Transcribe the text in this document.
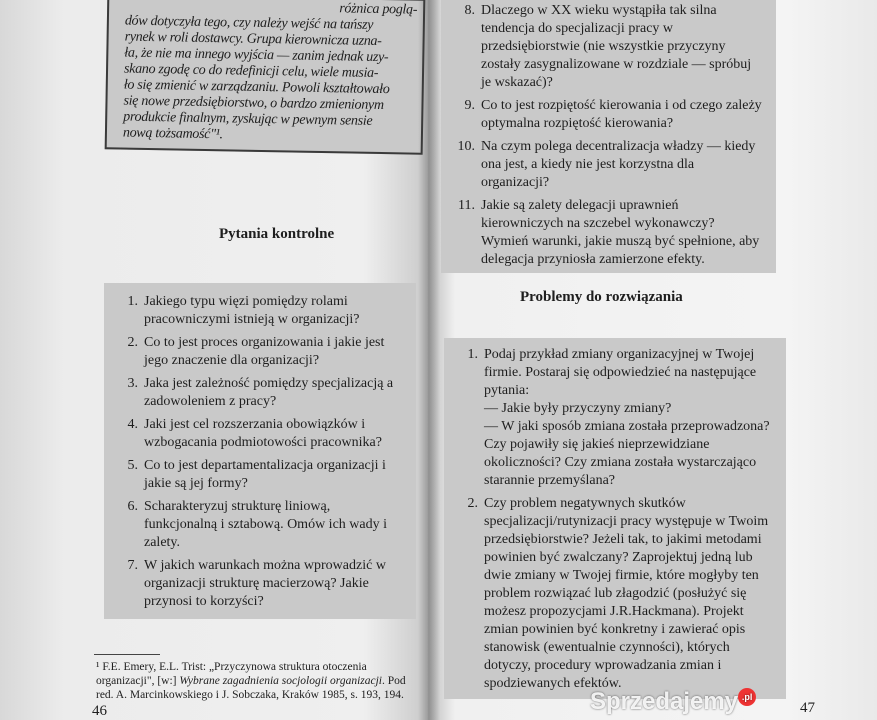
różnica poglą-

dów dotyczyła tego, czy należy wejść na tańszy

rynek w roli dostawcy. Grupa kierownicza uzna-

ła, że nie ma innego wyjścia — zanim jednak uzy-

skano zgodę co do redefinicji celu, wiele musia-

ło się zmienić w zarządzaniu. Powoli kształtowało

się nowe przedsiębiorstwo, o bardzo zmienionym

produkcie finalnym, zyskując w pewnym sensie

nową tożsamość"¹.

Pytania kontrolne
1. Jakiego typu więzi pomiędzy rolami pracowniczymi istnieją w organizacji?
2. Co to jest proces organizowania i jakie jest jego znaczenie dla organizacji?
3. Jaka jest zależność pomiędzy specjalizacją a zadowoleniem z pracy?
4. Jaki jest cel rozszerzania obowiązków i wzbogacania podmiotowości pracownika?
5. Co to jest departamentalizacja organizacji i jakie są jej formy?
6. Scharakteryzuj strukturę liniową, funkcjonalną i sztabową. Omów ich wady i zalety.
7. W jakich warunkach można wprowadzić w organizacji strukturę macierzową? Jakie przynosi to korzyści?
8. Dlaczego w XX wieku wystąpiła tak silna tendencja do specjalizacji pracy w przedsiębiorstwie (nie wszystkie przyczyny zostały zasygnalizowane w rozdziale — spróbuj je wskazać)?
9. Co to jest rozpiętość kierowania i od czego zależy optymalna rozpiętość kierowania?
10. Na czym polega decentralizacja władzy — kiedy ona jest, a kiedy nie jest korzystna dla organizacji?
11. Jakie są zalety delegacji uprawnień kierowniczych na szczebel wykonawczy? Wymień warunki, jakie muszą być spełnione, aby delegacja przyniosła zamierzone efekty.
Problemy do rozwiązania
1. Podaj przykład zmiany organizacyjnej w Twojej firmie. Postaraj się odpowiedzieć na następujące pytania:
— Jakie były przyczyny zmiany?
— W jaki sposób zmiana została przeprowadzona? Czy pojawiły się jakieś nieprzewidziane okoliczności? Czy zmiana została wystarczająco starannie przemyślana?
2. Czy problem negatywnych skutków specjalizacji/rutynizacji pracy występuje w Twoim przedsiębiorstwie? Jeżeli tak, to jakimi metodami powinien być zwalczany? Zaprojektuj jedną lub dwie zmiany w Twojej firmie, które mogłyby ten problem rozwiązać lub złagodzić (posłużyć się możesz propozycjami J.R.Hackmana). Projekt zmian powinien być konkretny i zawierać opis stanowisk (ewentualnie czynności), których dotyczy, procedury wprowadzania zmian i spodziewanych efektów.
¹ F.E. Emery, E.L. Trist: „Przyczynowa struktura otoczenia organizacji", [w:] Wybrane zagadnienia socjologii organizacji. Pod red. A. Marcinkowskiego i J. Sobczaka, Kraków 1985, s. 193, 194.
46	47
Sprzedajemy .pl
